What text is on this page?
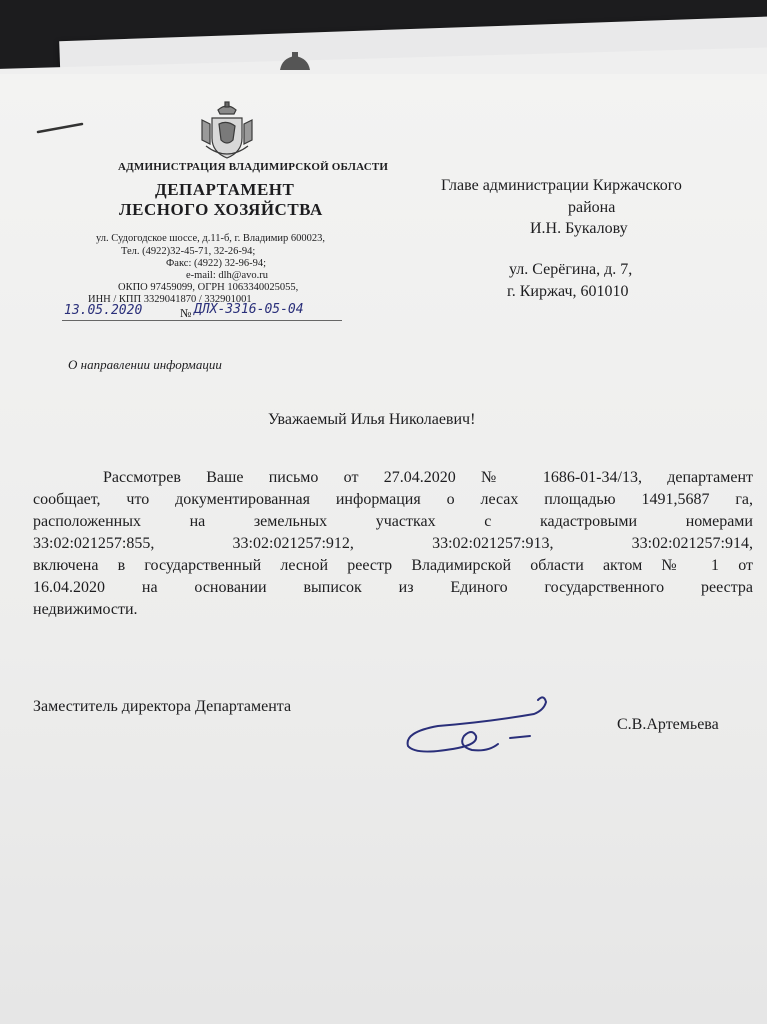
АДМИНИСТРАЦИЯ ВЛАДИМИРСКОЙ ОБЛАСТИ
ДЕПАРТАМЕНТ
ЛЕСНОГО ХОЗЯЙСТВА
ул. Судогодское шоссе, д.11-б, г. Владимир 600023,
Тел. (4922)32-45-71, 32-26-94;
Факс: (4922) 32-96-94;
e-mail: dlh@avo.ru
ОКПО 97459099, ОГРН 1063340025055,
ИНН / КПП 3329041870 / 332901001
13.05.2020	№ ДЛХ-3316-05-04
Главе администрации Киржачского
района
И.Н. Букалову
ул. Серёгина, д. 7,
г. Киржач, 601010
О направлении информации
Уважаемый Илья Николаевич!
Рассмотрев Ваше письмо от 27.04.2020 № 1686-01-34/13, департамент
сообщает, что документированная информация о лесах площадью 1491,5687 га,
расположенных на земельных участках с кадастровыми номерами
33:02:021257:855, 33:02:021257:912, 33:02:021257:913, 33:02:021257:914,
включена в государственный лесной реестр Владимирской области актом № 1 от
16.04.2020 на основании выписок из Единого государственного реестра
недвижимости.
Заместитель директора Департамента
С.В.Артемьева
